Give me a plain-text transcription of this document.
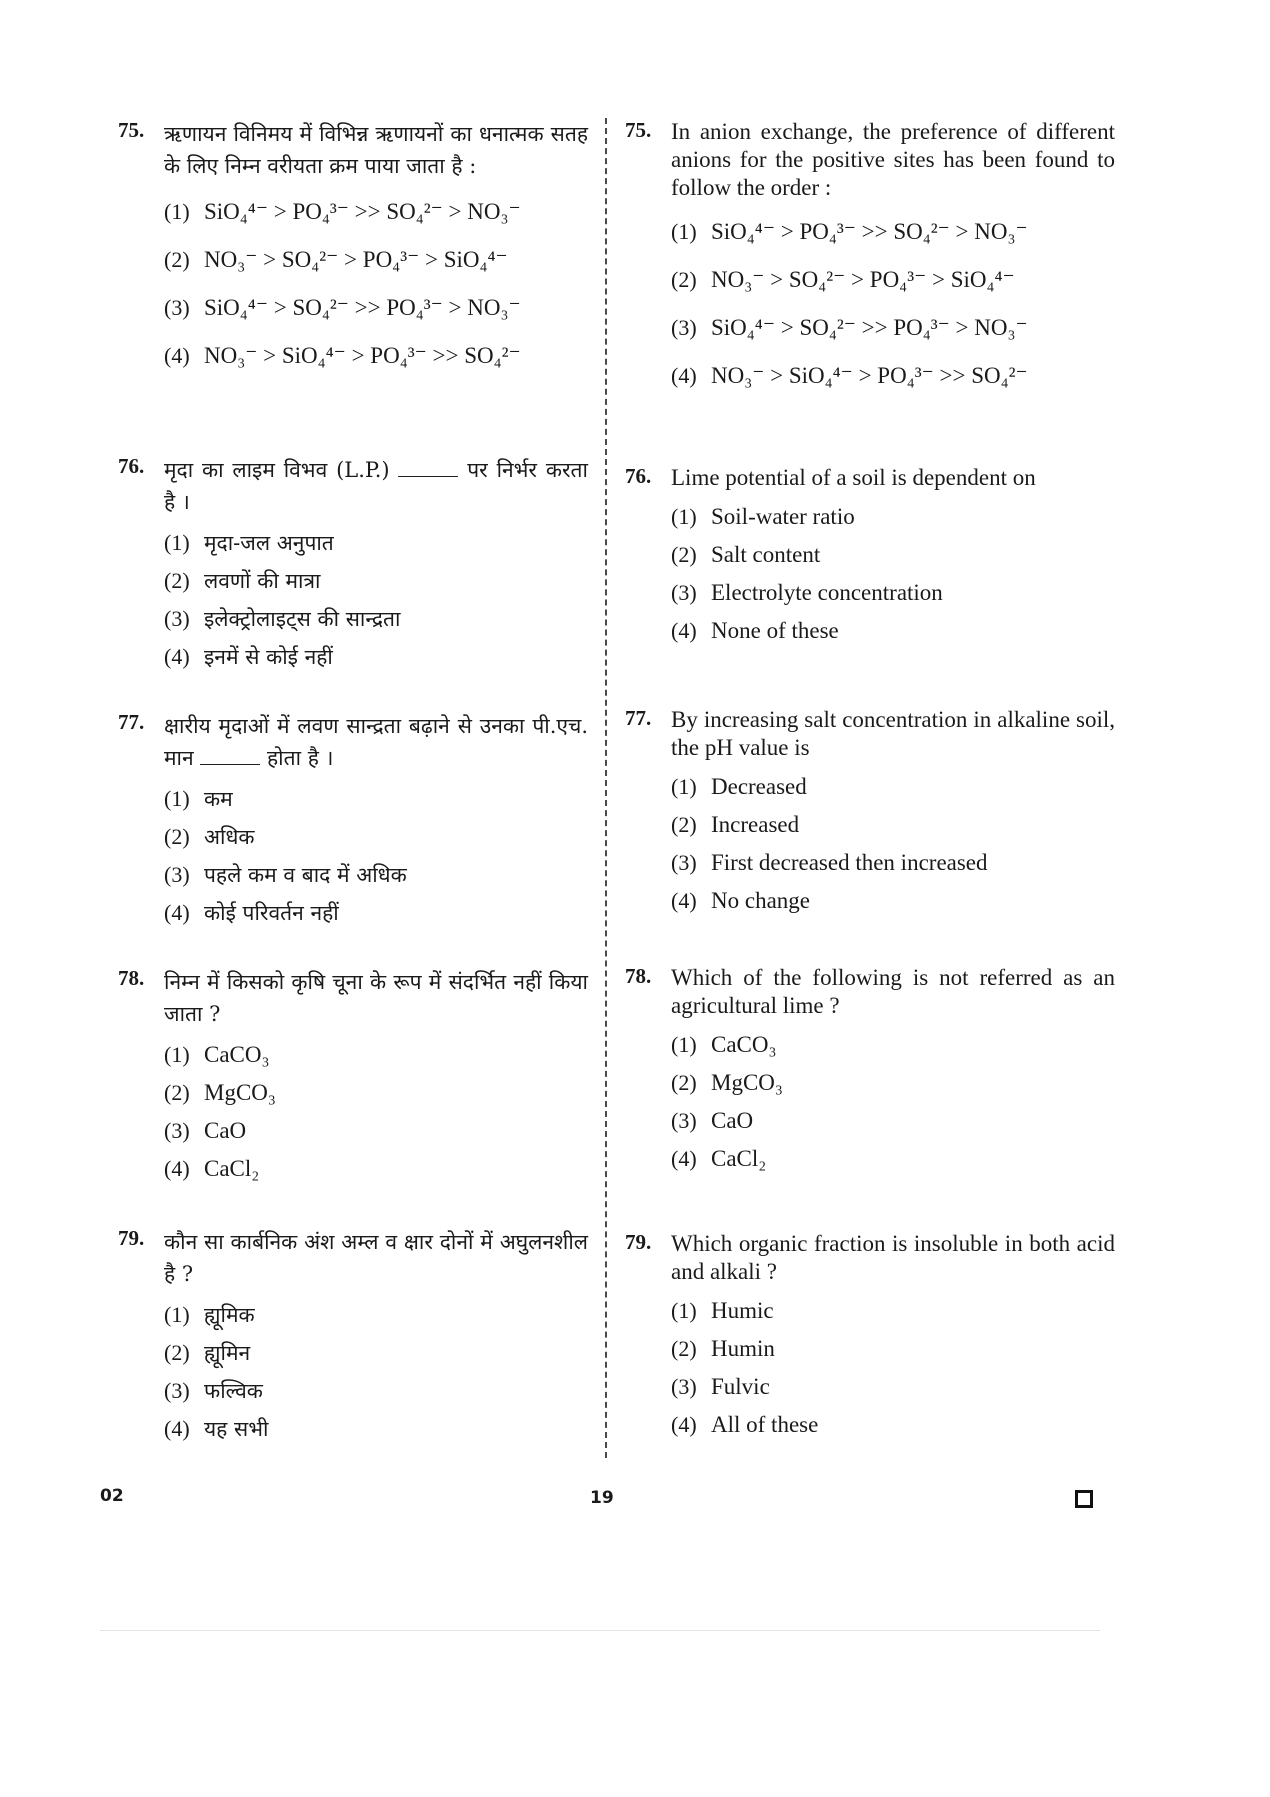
75. ऋणायन विनिमय में विभिन्न ऋणायनों का धनात्मक सतह के लिए निम्न वरीयता क्रम पाया जाता है :
(1) SiO₄⁴⁻ > PO₄³⁻ >> SO₄²⁻ > NO₃⁻
(2) NO₃⁻ > SO₄²⁻ > PO₄³⁻ > SiO₄⁴⁻
(3) SiO₄⁴⁻ > SO₄²⁻ >> PO₄³⁻ > NO₃⁻
(4) NO₃⁻ > SiO₄⁴⁻ > PO₄³⁻ >> SO₄²⁻
76. मृदा का लाइम विभव (L.P.)	पर निर्भर करता है ।
(1) मृदा-जल अनुपात
(2) लवणों की मात्रा
(3) इलेक्ट्रोलाइट्स की सान्द्रता
(4) इनमें से कोई नहीं
77. क्षारीय मृदाओं में लवण सान्द्रता बढ़ाने से उनका पी.एच. मान	होता है ।
(1) कम
(2) अधिक
(3) पहले कम व बाद में अधिक
(4) कोई परिवर्तन नहीं
78. निम्न में किसको कृषि चूना के रूप में संदर्भित नहीं किया जाता ?
(1) CaCO₃
(2) MgCO₃
(3) CaO
(4) CaCl₂
79. कौन सा कार्बनिक अंश अम्ल व क्षार दोनों में अघुलनशील है ?
(1) ह्यूमिक
(2) ह्यूमिन
(3) फल्विक
(4) यह सभी
75. In anion exchange, the preference of different anions for the positive sites has been found to follow the order :
(1) SiO₄⁴⁻ > PO₄³⁻ >> SO₄²⁻ > NO₃⁻
(2) NO₃⁻ > SO₄²⁻ > PO₄³⁻ > SiO₄⁴⁻
(3) SiO₄⁴⁻ > SO₄²⁻ >> PO₄³⁻ > NO₃⁻
(4) NO₃⁻ > SiO₄⁴⁻ > PO₄³⁻ >> SO₄²⁻
76. Lime potential of a soil is dependent on
(1) Soil-water ratio
(2) Salt content
(3) Electrolyte concentration
(4) None of these
77. By increasing salt concentration in alkaline soil, the pH value is
(1) Decreased
(2) Increased
(3) First decreased then increased
(4) No change
78. Which of the following is not referred as an agricultural lime ?
(1) CaCO₃
(2) MgCO₃
(3) CaO
(4) CaCl₂
79. Which organic fraction is insoluble in both acid and alkali ?
(1) Humic
(2) Humin
(3) Fulvic
(4) All of these
02	19
